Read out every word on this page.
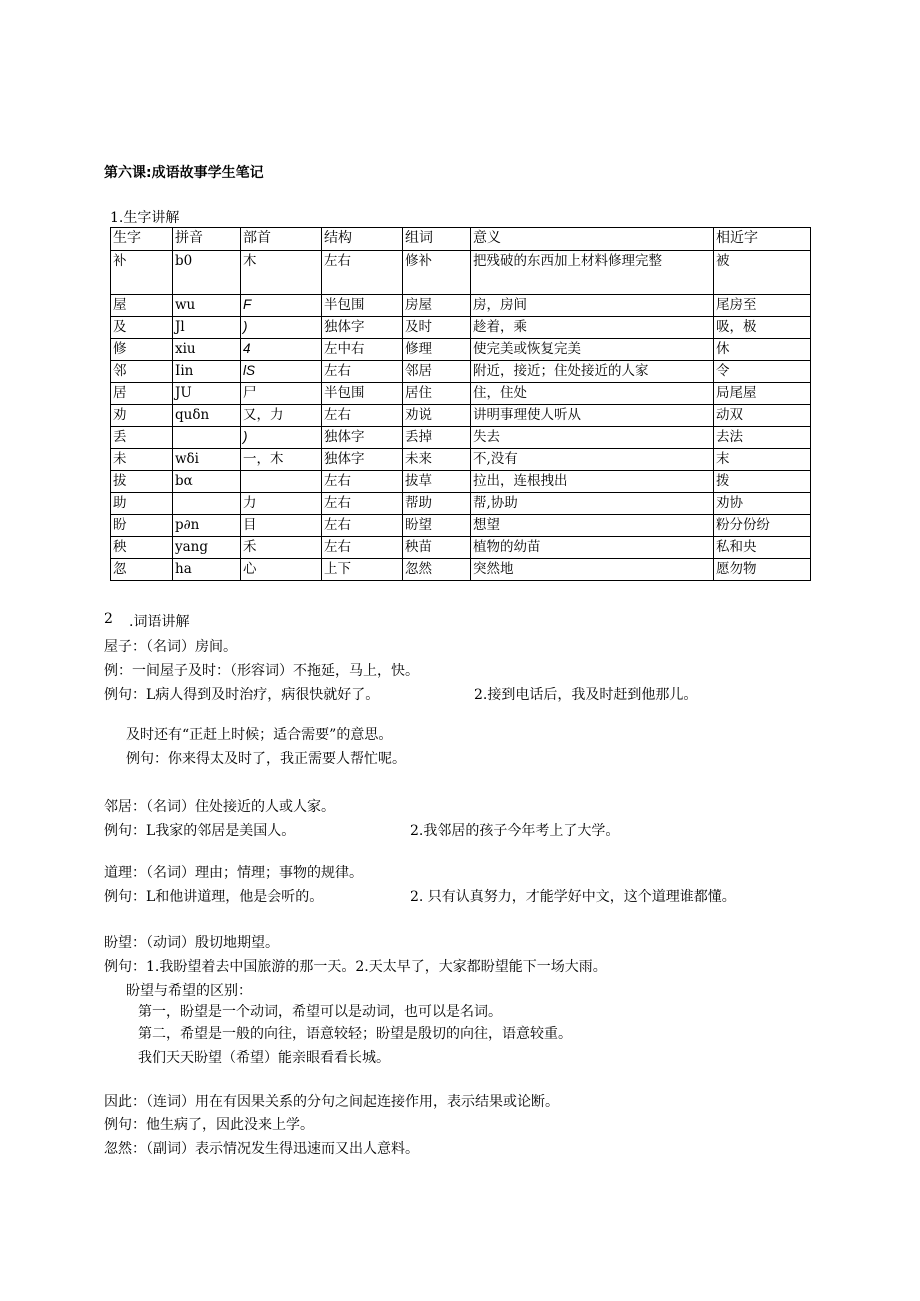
第六课:成语故事学生笔记
1.生字讲解
生字	拼音	部首	结构	组词	意义	相近字
补	b0	木	左右	修补	把残破的东西加上材料修理完整	被
屋	wu	F	半包围	房屋	房，房间	尾房至
及	Jl	)	独体字	及时	趁着，乘	吸，极
修	xiu	4	左中右	修理	使完美或恢复完美	休
邻	Iin	lS	左右	邻居	附近，接近；住处接近的人家	令
居	JU	尸	半包围	居住	住，住处	局尾屋
劝	quδn	又，力	左右	劝说	讲明事理使人听从	动双
丢		)	独体字	丢掉	失去	去法
未	wδi	一，木	独体字	未来	不,没有	末
拔	bα		左右	拔草	拉出，连根拽出	拨
助		力	左右	帮助	帮,协助	劝协
盼	p∂n	目	左右	盼望	想望	粉分份纷
秧	yang	禾	左右	秧苗	植物的幼苗	私和央
忽	ha	心	上下	忽然	突然地	愿勿物
2 .词语讲解
屋子：（名词）房间。
例：一间屋子及时：（形容词）不拖延，马上，快。
例句：L病人得到及时治疗，病很快就好了。	2.接到电话后，我及时赶到他那儿。
及时还有“正赶上时候；适合需要”的意思。
例句：你来得太及时了，我正需要人帮忙呢。
邻居：（名词）住处接近的人或人家。
例句：L我家的邻居是美国人。	2.我邻居的孩子今年考上了大学。
道理：（名词）理由；情理；事物的规律。
例句：L和他讲道理，他是会听的。	2. 只有认真努力，才能学好中文，这个道理谁都懂。
盼望：（动词）殷切地期望。
例句：1.我盼望着去中国旅游的那一天。2.天太早了，大家都盼望能下一场大雨。
盼望与希望的区别：
第一，盼望是一个动词，希望可以是动词，也可以是名词。
第二，希望是一般的向往，语意较轻；盼望是殷切的向往，语意较重。
我们天天盼望（希望）能亲眼看看长城。
因此：（连词）用在有因果关系的分句之间起连接作用，表示结果或论断。
例句：他生病了，因此没来上学。
忽然：（副词）表示情况发生得迅速而又出人意料。
